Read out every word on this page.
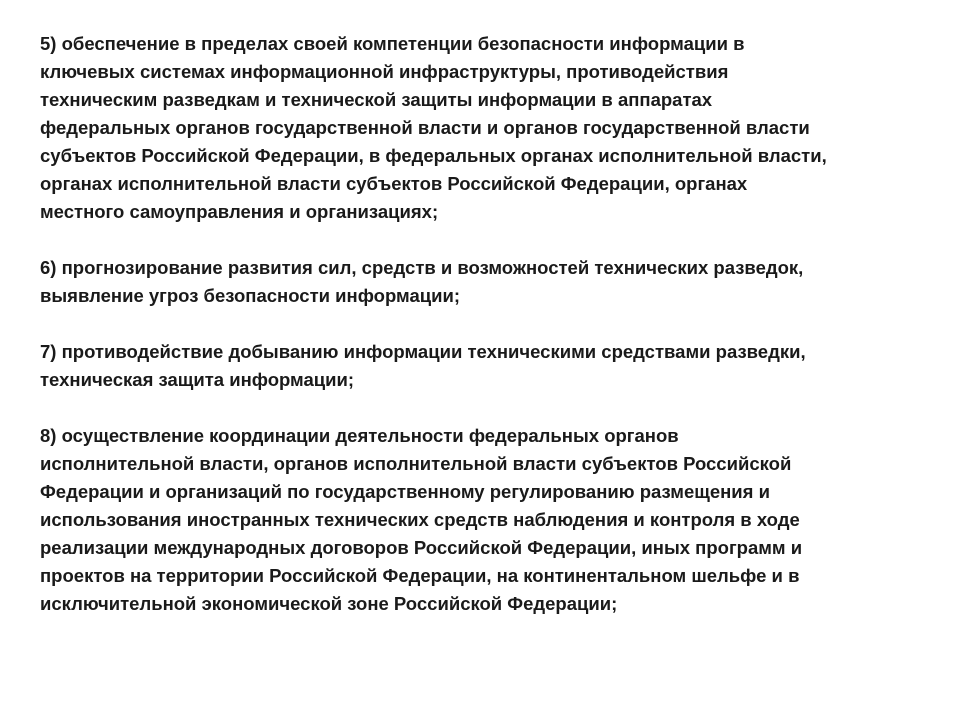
5) обеспечение в пределах своей компетенции безопасности информации в
ключевых системах информационной инфраструктуры, противодействия
техническим разведкам и технической защиты информации в аппаратах
федеральных органов государственной власти и органов государственной власти
субъектов Российской Федерации, в федеральных органах исполнительной власти,
органах исполнительной власти субъектов Российской Федерации, органах
местного самоуправления и организациях;
6) прогнозирование развития сил, средств и возможностей технических разведок,
выявление угроз безопасности информации;
7) противодействие добыванию информации техническими средствами разведки,
техническая защита информации;
8) осуществление координации деятельности федеральных органов
исполнительной власти, органов исполнительной власти субъектов Российской
Федерации и организаций по государственному регулированию размещения и
использования иностранных технических средств наблюдения и контроля в ходе
реализации международных договоров Российской Федерации, иных программ и
проектов на территории Российской Федерации, на континентальном шельфе и в
исключительной экономической зоне Российской Федерации;
